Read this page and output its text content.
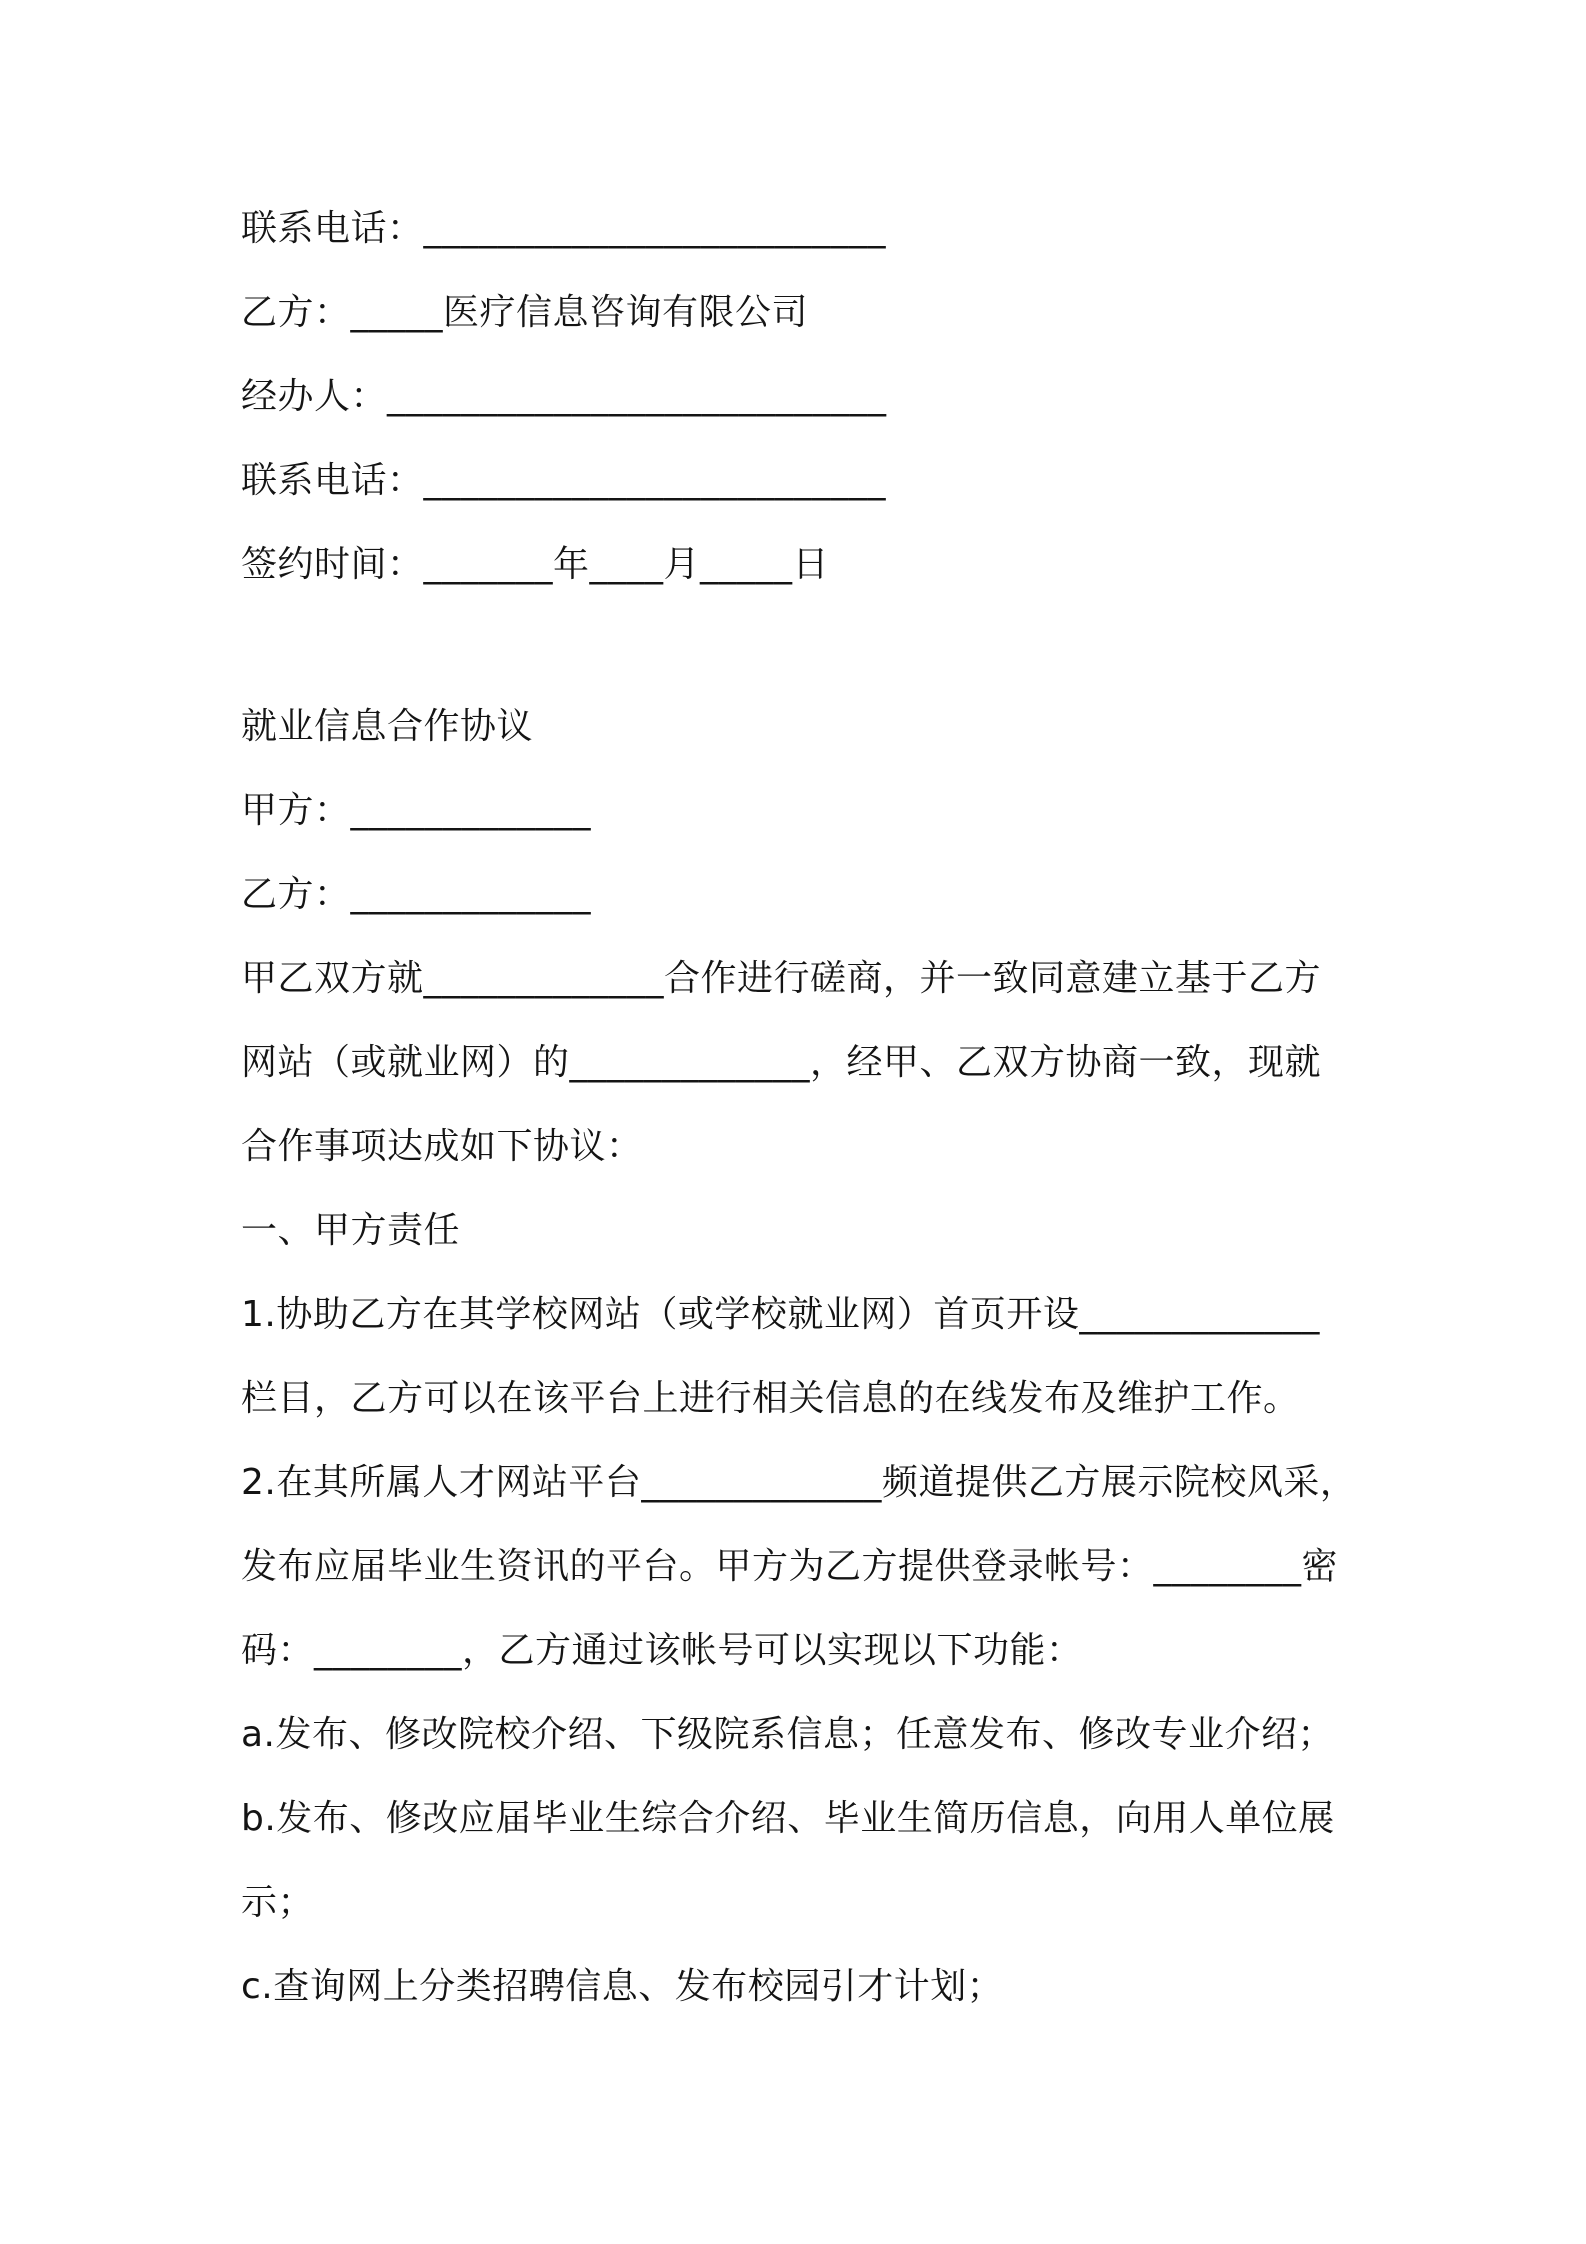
联系电话：_________________________
乙方：_____医疗信息咨询有限公司
经办人：___________________________
联系电话：_________________________
签约时间：_______年____月_____日
就业信息合作协议
甲方：_____________
乙方：_____________
甲乙双方就_____________合作进行磋商，并一致同意建立基于乙方
网站（或就业网）的_____________，经甲、乙双方协商一致，现就
合作事项达成如下协议：
一、甲方责任
1.协助乙方在其学校网站（或学校就业网）首页开设_____________
栏目，乙方可以在该平台上进行相关信息的在线发布及维护工作。
2.在其所属人才网站平台_____________频道提供乙方展示院校风采，
发布应届毕业生资讯的平台。甲方为乙方提供登录帐号：________密
码：________，乙方通过该帐号可以实现以下功能：
a.发布、修改院校介绍、下级院系信息；任意发布、修改专业介绍；
b.发布、修改应届毕业生综合介绍、毕业生简历信息，向用人单位展
示；
c.查询网上分类招聘信息、发布校园引才计划；
